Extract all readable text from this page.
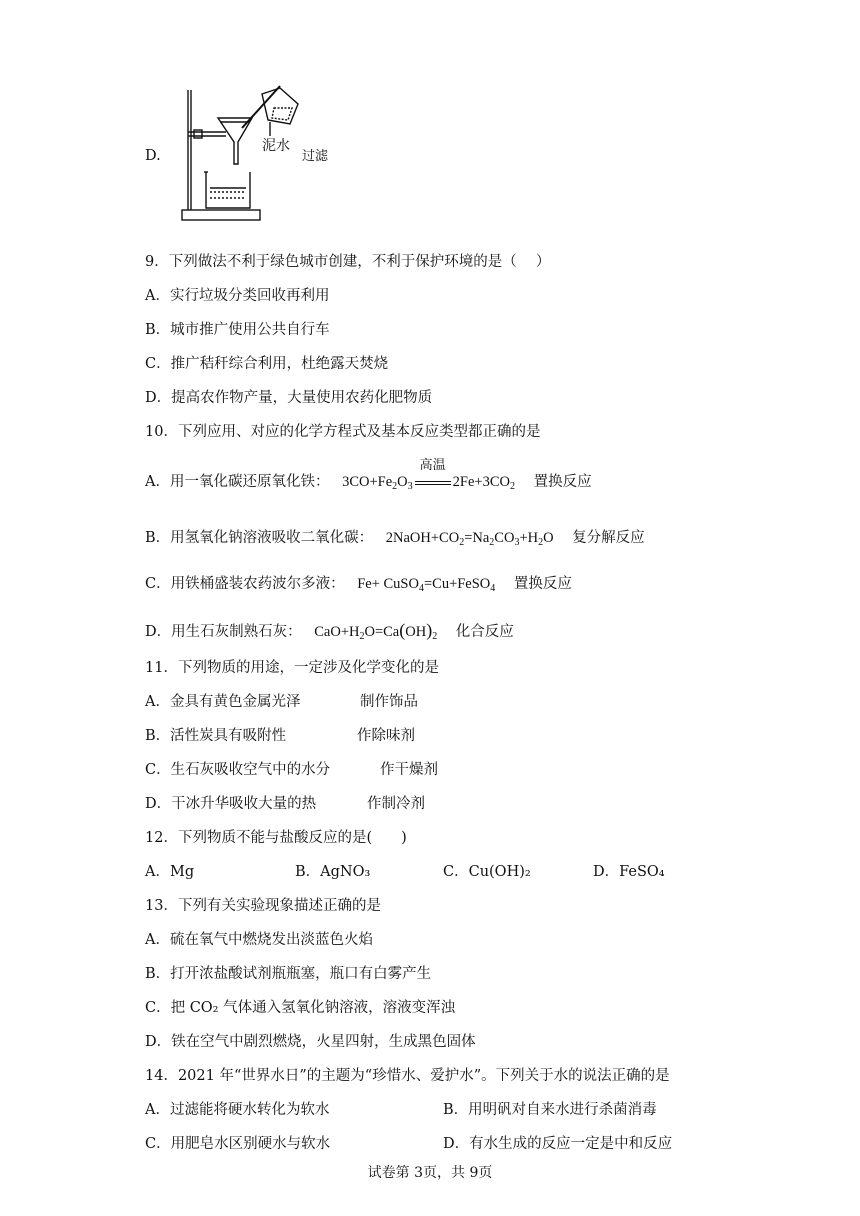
D.
泥水
过滤
9．下列做法不利于绿色城市创建，不利于保护环境的是（　 ）
A．实行垃圾分类回收再利用
B．城市推广使用公共自行车
C．推广秸秆综合利用，杜绝露天焚烧
D．提高农作物产量，大量使用农药化肥物质
10．下列应用、对应的化学方程式及基本反应类型都正确的是
A．用一氧化碳还原氧化铁： $3CO+Fe_2O_3$
高温
$2Fe+3CO_2$ 置换反应
B．用氢氧化钠溶液吸收二氧化碳： $2NaOH+CO_2=Na_2CO_3+H_2O$ 复分解反应
C．用铁桶盛装农药波尔多液： Fe+ CuSO$_4$=Cu+FeSO$_4$ 置换反应
D．用生石灰制熟石灰： $CaO+H_2O=Ca(OH)_2$ 化合反应
11．下列物质的用途，一定涉及化学变化的是
A．金具有黄色金属光泽	制作饰品
B．活性炭具有吸附性	作除味剂
C．生石灰吸收空气中的水分	作干燥剂
D．干冰升华吸收大量的热	作制冷剂
12．下列物质不能与盐酸反应的是(　　)
A．Mg	B．AgNO₃	C．Cu(OH)₂	D．FeSO₄
13．下列有关实验现象描述正确的是
A．硫在氧气中燃烧发出淡蓝色火焰
B．打开浓盐酸试剂瓶瓶塞，瓶口有白雾产生
C．把 CO₂ 气体通入氢氧化钠溶液，溶液变浑浊
D．铁在空气中剧烈燃烧，火星四射，生成黑色固体
14．2021 年“世界水日”的主题为“珍惜水、爱护水”。下列关于水的说法正确的是
A．过滤能将硬水转化为软水	B．用明矾对自来水进行杀菌消毒
C．用肥皂水区别硬水与软水	D．有水生成的反应一定是中和反应
试卷第 3页，共 9页
